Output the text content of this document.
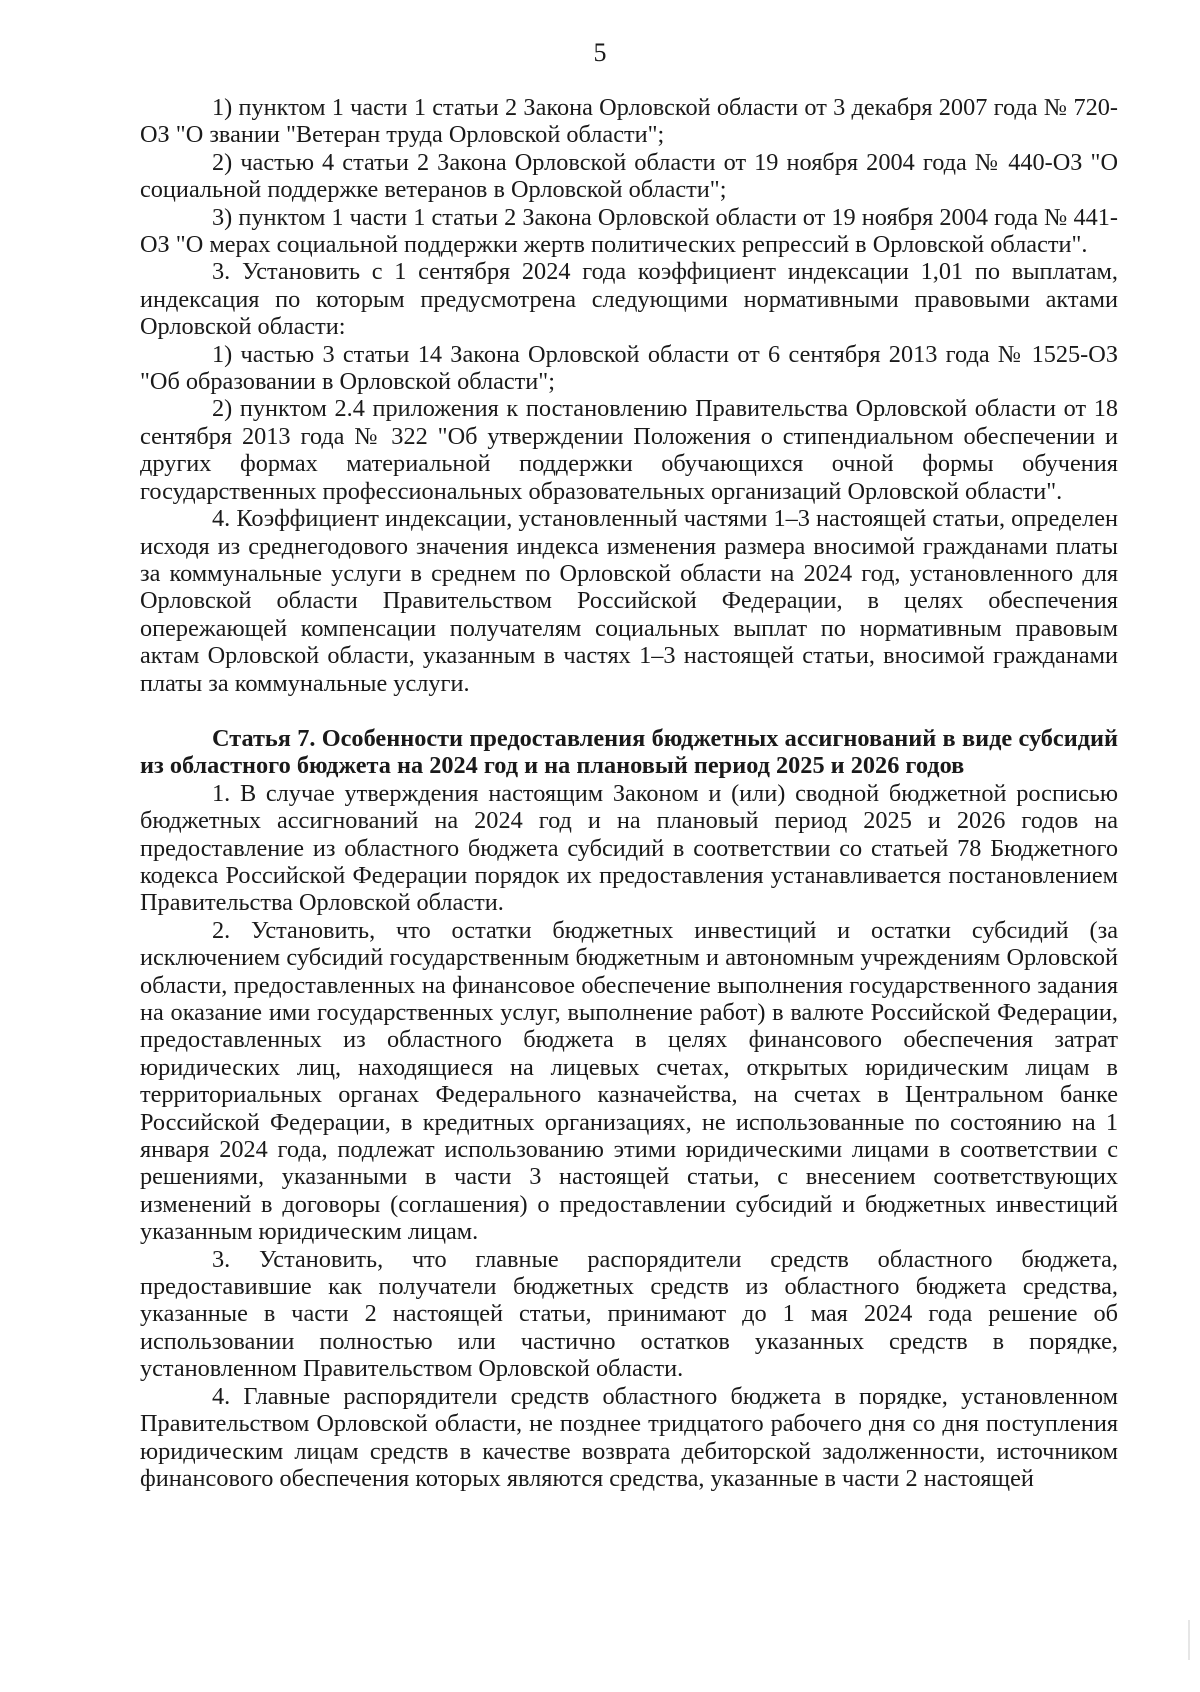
5

1) пунктом 1 части 1 статьи 2 Закона Орловской области от 3 декабря 2007 года № 720-ОЗ "О звании "Ветеран труда Орловской области";

2) частью 4 статьи 2 Закона Орловской области от 19 ноября 2004 года № 440-ОЗ "О социальной поддержке ветеранов в Орловской области";

3) пунктом 1 части 1 статьи 2 Закона Орловской области от 19 ноября 2004 года № 441-ОЗ "О мерах социальной поддержки жертв политических репрессий в Орловской области".

3. Установить с 1 сентября 2024 года коэффициент индексации 1,01 по выплатам, индексация по которым предусмотрена следующими нормативными правовыми актами Орловской области:

1) частью 3 статьи 14 Закона Орловской области от 6 сентября 2013 года № 1525-ОЗ "Об образовании в Орловской области";

2) пунктом 2.4 приложения к постановлению Правительства Орловской области от 18 сентября 2013 года № 322 "Об утверждении Положения о стипендиальном обеспечении и других формах материальной поддержки обучающихся очной формы обучения государственных профессиональных образовательных организаций Орловской области".

4. Коэффициент индексации, установленный частями 1–3 настоящей статьи, определен исходя из среднегодового значения индекса изменения размера вносимой гражданами платы за коммунальные услуги в среднем по Орловской области на 2024 год, установленного для Орловской области Правительством Российской Федерации, в целях обеспечения опережающей компенсации получателям социальных выплат по нормативным правовым актам Орловской области, указанным в частях 1–3 настоящей статьи, вносимой гражданами платы за коммунальные услуги.

Статья 7. Особенности предоставления бюджетных ассигнований в виде субсидий из областного бюджета на 2024 год и на плановый период 2025 и 2026 годов

1. В случае утверждения настоящим Законом и (или) сводной бюджетной росписью бюджетных ассигнований на 2024 год и на плановый период 2025 и 2026 годов на предоставление из областного бюджета субсидий в соответствии со статьей 78 Бюджетного кодекса Российской Федерации порядок их предоставления устанавливается постановлением Правительства Орловской области.

2. Установить, что остатки бюджетных инвестиций и остатки субсидий (за исключением субсидий государственным бюджетным и автономным учреждениям Орловской области, предоставленных на финансовое обеспечение выполнения государственного задания на оказание ими государственных услуг, выполнение работ) в валюте Российской Федерации, предоставленных из областного бюджета в целях финансового обеспечения затрат юридических лиц, находящиеся на лицевых счетах, открытых юридическим лицам в территориальных органах Федерального казначейства, на счетах в Центральном банке Российской Федерации, в кредитных организациях, не использованные по состоянию на 1 января 2024 года, подлежат использованию этими юридическими лицами в соответствии с решениями, указанными в части 3 настоящей статьи, с внесением соответствующих изменений в договоры (соглашения) о предоставлении субсидий и бюджетных инвестиций указанным юридическим лицам.

3. Установить, что главные распорядители средств областного бюджета, предоставившие как получатели бюджетных средств из областного бюджета средства, указанные в части 2 настоящей статьи, принимают до 1 мая 2024 года решение об использовании полностью или частично остатков указанных средств в порядке, установленном Правительством Орловской области.

4. Главные распорядители средств областного бюджета в порядке, установленном Правительством Орловской области, не позднее тридцатого рабочего дня со дня поступления юридическим лицам средств в качестве возврата дебиторской задолженности, источником финансового обеспечения которых являются средства, указанные в части 2 настоящей
